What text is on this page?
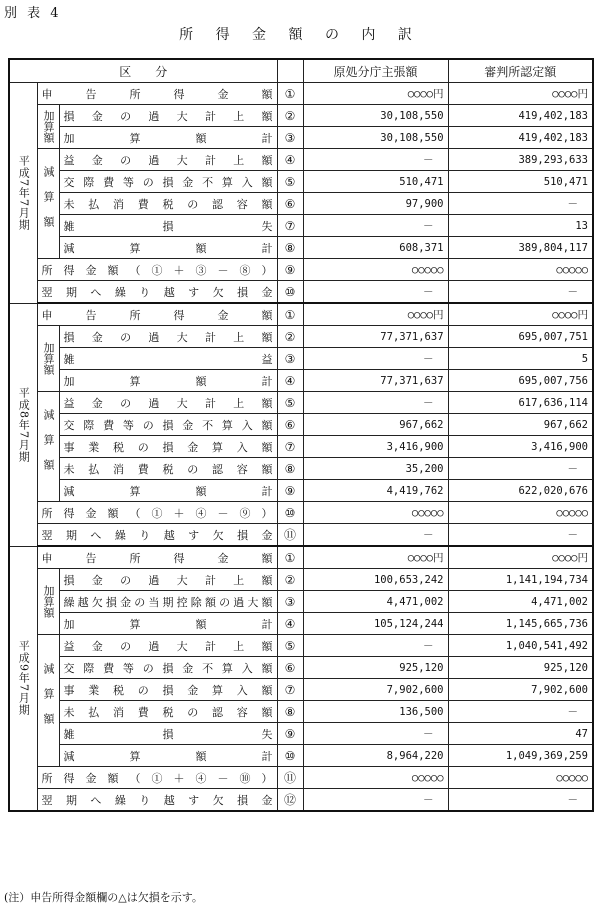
別 表 4
所 得 金 額 の 内 訳
区　　分				原処分庁主張額	審判所認定額
平成7年7月期	申告所得金額		①	○○○○円	○○○○円
	加算額	損金の過大計上額	②	30,108,550	419,402,183
		加算額計	③	30,108,550	419,402,183
	減算額	益金の過大計上額	④	－	389,293,633
		交際費等の損金不算入額	⑤	510,471	510,471
		未払消費税の認容額	⑥	97,900	－
		雑損失	⑦	－	13
		減算額計	⑧	608,371	389,804,117
	所得金額（①＋③－⑧）		⑨	○○○○○	○○○○○
	翌期へ繰り越す欠損金		⑩	－	－
平成8年7月期	申告所得金額		①	○○○○円	○○○○円
	加算額	損金の過大計上額	②	77,371,637	695,007,751
		雑益	③	－	5
		加算額計	④	77,371,637	695,007,756
	減算額	益金の過大計上額	⑤	－	617,636,114
		交際費等の損金不算入額	⑥	967,662	967,662
		事業税の損金算入額	⑦	3,416,900	3,416,900
		未払消費税の認容額	⑧	35,200	－
		減算額計	⑨	4,419,762	622,020,676
	所得金額（①＋④－⑨）		⑩	○○○○○	○○○○○
	翌期へ繰り越す欠損金		⑪	－	－
平成9年7月期	申告所得金額		①	○○○○円	○○○○円
	加算額	損金の過大計上額	②	100,653,242	1,141,194,734
		繰越欠損金の当期控除額の過大額	③	4,471,002	4,471,002
		加算額計	④	105,124,244	1,145,665,736
	減算額	益金の過大計上額	⑤	－	1,040,541,492
		交際費等の損金不算入額	⑥	925,120	925,120
		事業税の損金算入額	⑦	7,902,600	7,902,600
		未払消費税の認容額	⑧	136,500	－
		雑損失	⑨	－	47
		減算額計	⑩	8,964,220	1,049,369,259
	所得金額（①＋④－⑩）		⑪	○○○○○	○○○○○
	翌期へ繰り越す欠損金		⑫	－	－
(注）申告所得金額欄の△は欠損を示す。
